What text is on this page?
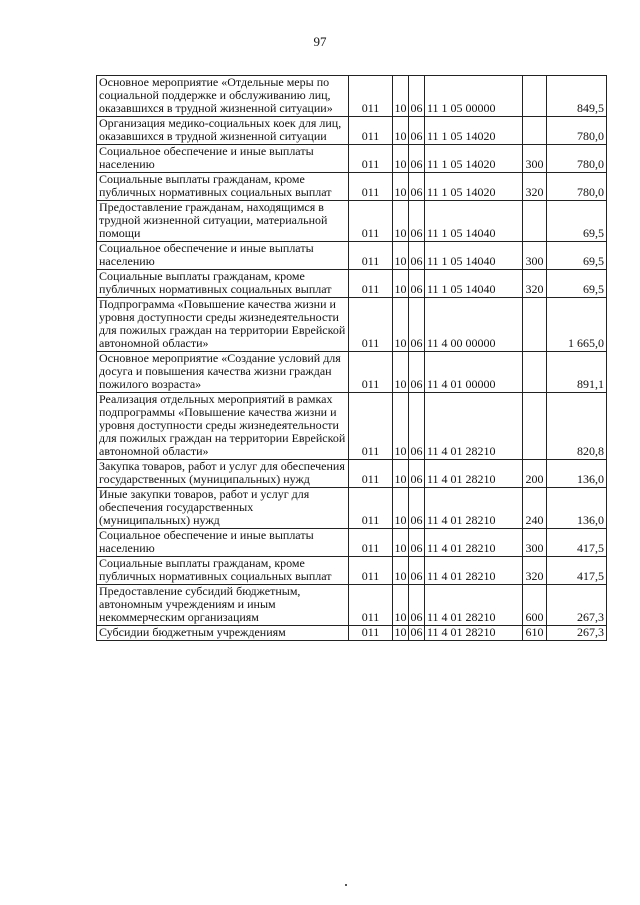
97
Основное мероприятие «Отдельные меры по социальной поддержке и обслуживанию лиц, оказавшихся в трудной жизненной ситуации»	011	10	06	11 1 05 00000		849,5
Организация медико-социальных коек для лиц, оказавшихся в трудной жизненной ситуации	011	10	06	11 1 05 14020		780,0
Социальное обеспечение и иные выплаты населению	011	10	06	11 1 05 14020	300	780,0
Социальные выплаты гражданам, кроме публичных нормативных социальных выплат	011	10	06	11 1 05 14020	320	780,0
Предоставление гражданам, находящимся в трудной жизненной ситуации, материальной помощи	011	10	06	11 1 05 14040		69,5
Социальное обеспечение и иные выплаты населению	011	10	06	11 1 05 14040	300	69,5
Социальные выплаты гражданам, кроме публичных нормативных социальных выплат	011	10	06	11 1 05 14040	320	69,5
Подпрограмма «Повышение качества жизни и уровня доступности среды жизнедеятельности для пожилых граждан на территории Еврейской автономной области»	011	10	06	11 4 00 00000		1 665,0
Основное мероприятие «Создание условий для досуга и повышения качества жизни граждан пожилого возраста»	011	10	06	11 4 01 00000		891,1
Реализация отдельных мероприятий в рамках подпрограммы «Повышение качества жизни и уровня доступности среды жизнедеятельности для пожилых граждан на территории Еврейской автономной области»	011	10	06	11 4 01 28210		820,8
Закупка товаров, работ и услуг для обеспечения государственных (муниципальных) нужд	011	10	06	11 4 01 28210	200	136,0
Иные закупки товаров, работ и услуг для обеспечения государственных (муниципальных) нужд	011	10	06	11 4 01 28210	240	136,0
Социальное обеспечение и иные выплаты населению	011	10	06	11 4 01 28210	300	417,5
Социальные выплаты гражданам, кроме публичных нормативных социальных выплат	011	10	06	11 4 01 28210	320	417,5
Предоставление субсидий бюджетным, автономным учреждениям и иным некоммерческим организациям	011	10	06	11 4 01 28210	600	267,3
Субсидии бюджетным учреждениям	011	10	06	11 4 01 28210	610	267,3
